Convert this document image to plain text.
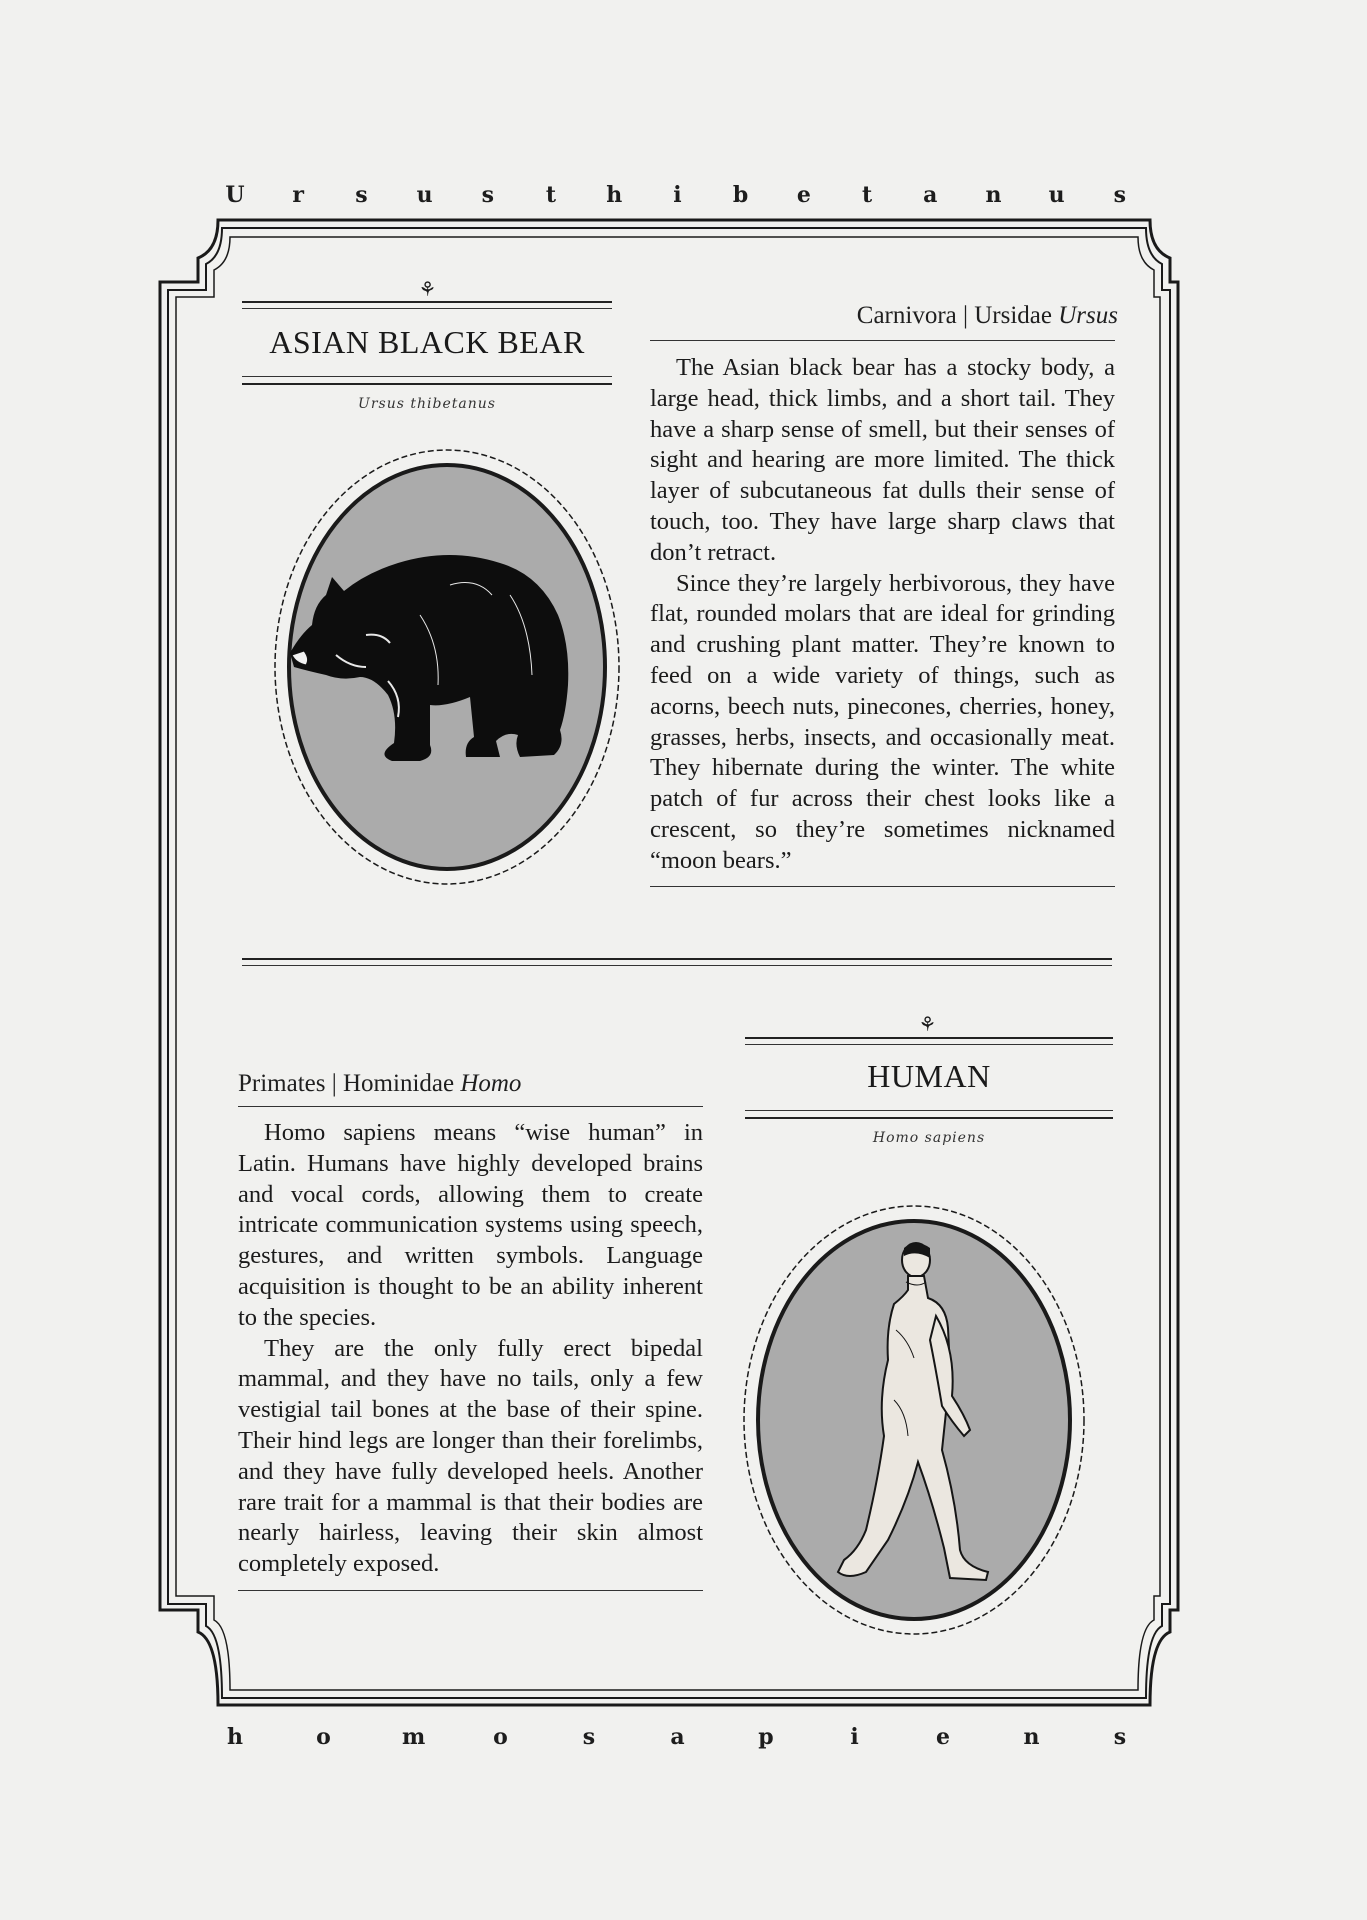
U r s u s t h i b e t a n u s
h	o	m	o	s	a	p	i	e	n	s
⚘
ASIAN BLACK BEAR
Ursus thibetanus
Carnivora | Ursidae Ursus

The Asian black bear has a stocky body, a large head, thick limbs, and a short tail. They have a sharp sense of smell, but their senses of sight and hearing are more limited. The thick layer of subcutaneous fat dulls their sense of touch, too. They have large sharp claws that don’t retract.

Since they’re largely herbivorous, they have flat, rounded molars that are ideal for grinding and crushing plant matter. They’re known to feed on a wide variety of things, such as acorns, beech nuts, pinecones, cherries, honey, grasses, herbs, insects, and occasionally meat. They hibernate during the winter. The white patch of fur across their chest looks like a crescent, so they’re sometimes nicknamed “moon bears.”

⚘
HUMAN
Homo sapiens
Primates | Hominidae Homo

Homo sapiens means “wise human” in Latin. Humans have highly developed brains and vocal cords, allowing them to create intricate communication systems using speech, gestures, and written symbols. Language acquisition is thought to be an ability inherent to the species.

They are the only fully erect bipedal mammal, and they have no tails, only a few vestigial tail bones at the base of their spine. Their hind legs are longer than their forelimbs, and they have fully developed heels. Another rare trait for a mammal is that their bodies are nearly hairless, leaving their skin almost completely exposed.
